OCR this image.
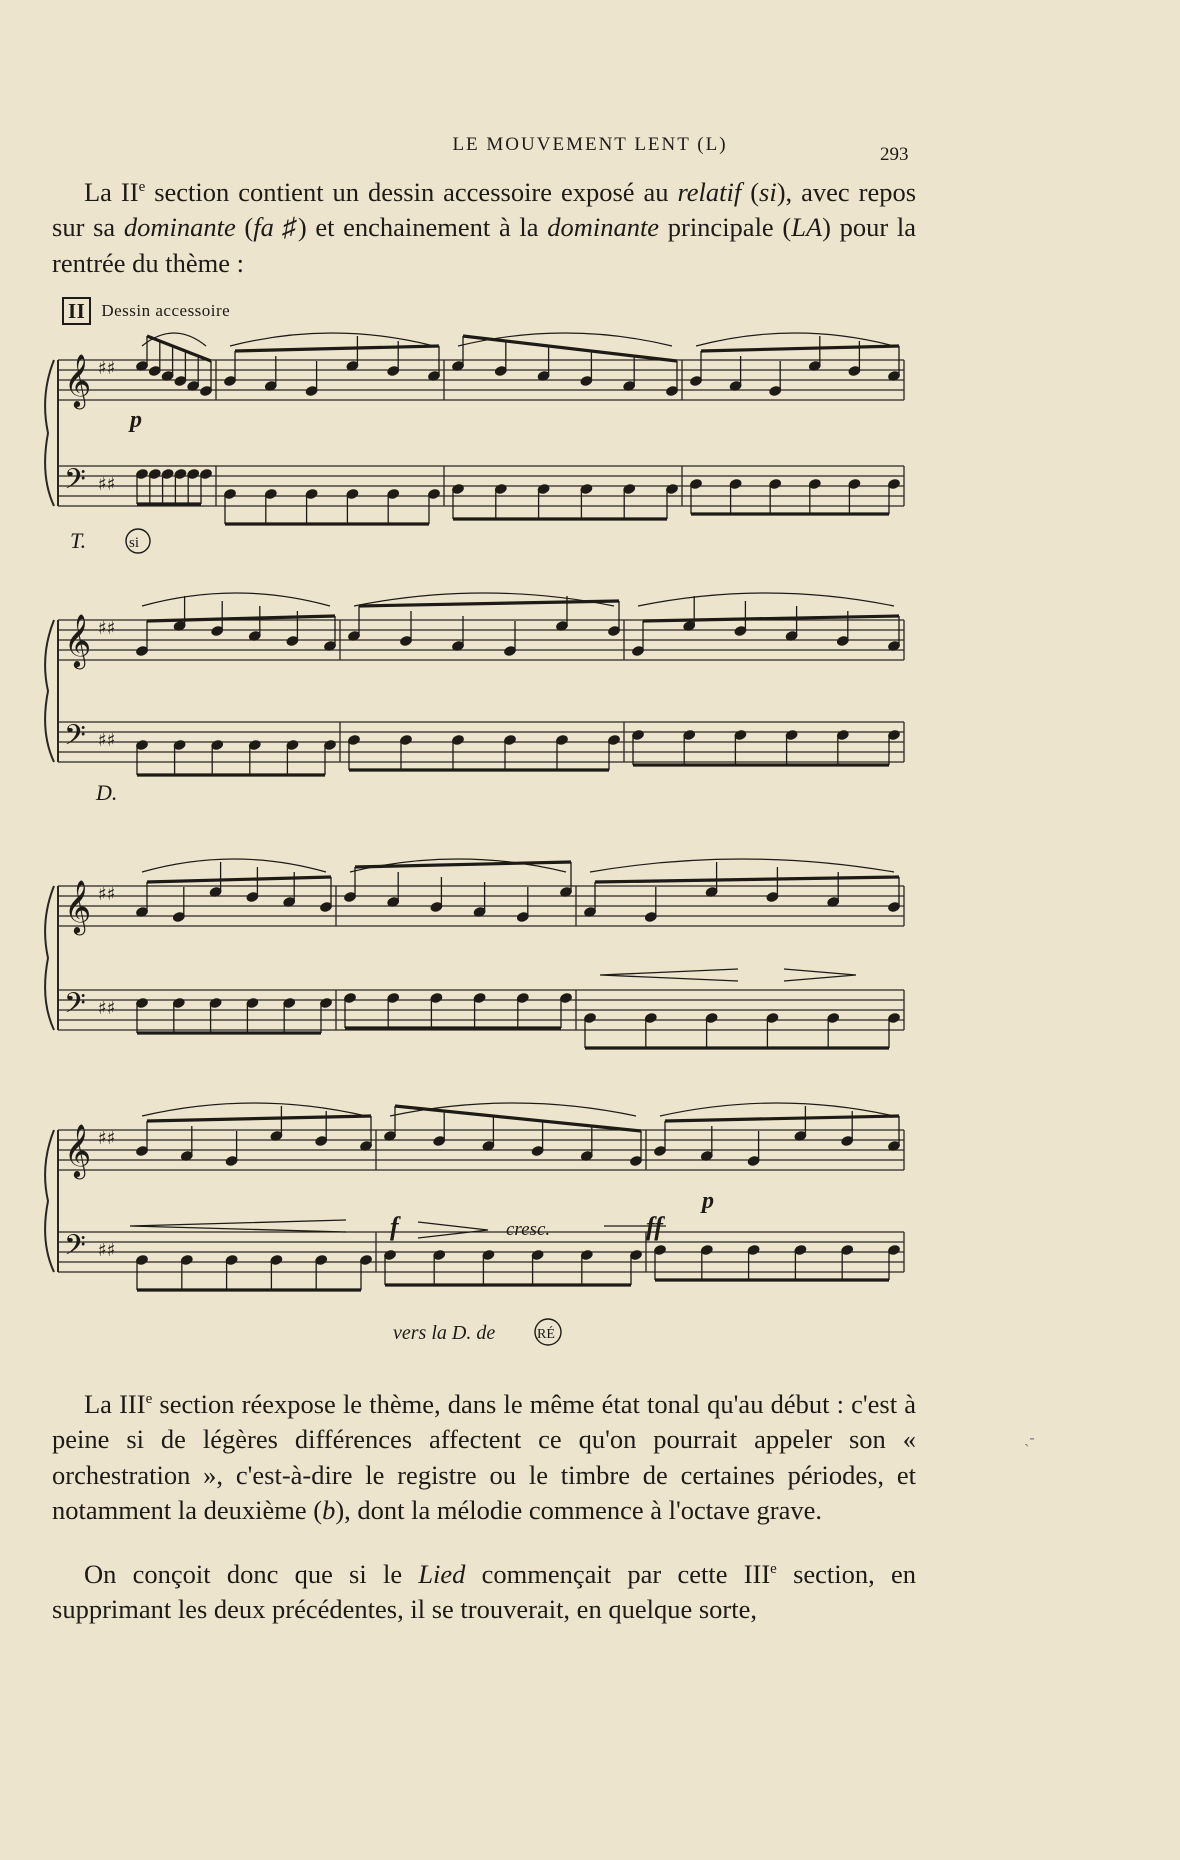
LE MOUVEMENT LENT (L)	293
La IIe section contient un dessin accessoire exposé au relatif (si), avec repos sur sa dominante (fa ♯) et enchainement à la dominante principale (LA) pour la rentrée du thème :
II Dessin accessoire
𝄞 ♯♯
𝄢 ♯♯
𝄞 ♯♯
𝄢 ♯♯
𝄞 ♯♯
𝄢 ♯♯
𝄞 ♯♯
𝄢 ♯♯
T.	si
D.
vers la D. de	RÉ
p
p
f	ff
cresc.
La IIIe section réexpose le thème, dans le même état tonal qu'au début : c'est à peine si de légères différences affectent ce qu'on pourrait appeler son « orchestration », c'est-à-dire le registre ou le timbre de certaines périodes, et notamment la deuxième (b), dont la mélodie commence à l'octave grave.
On conçoit donc que si le Lied commençait par cette IIIe section, en supprimant les deux précédentes, il se trouverait, en quelque sorte,
ˏ‐
